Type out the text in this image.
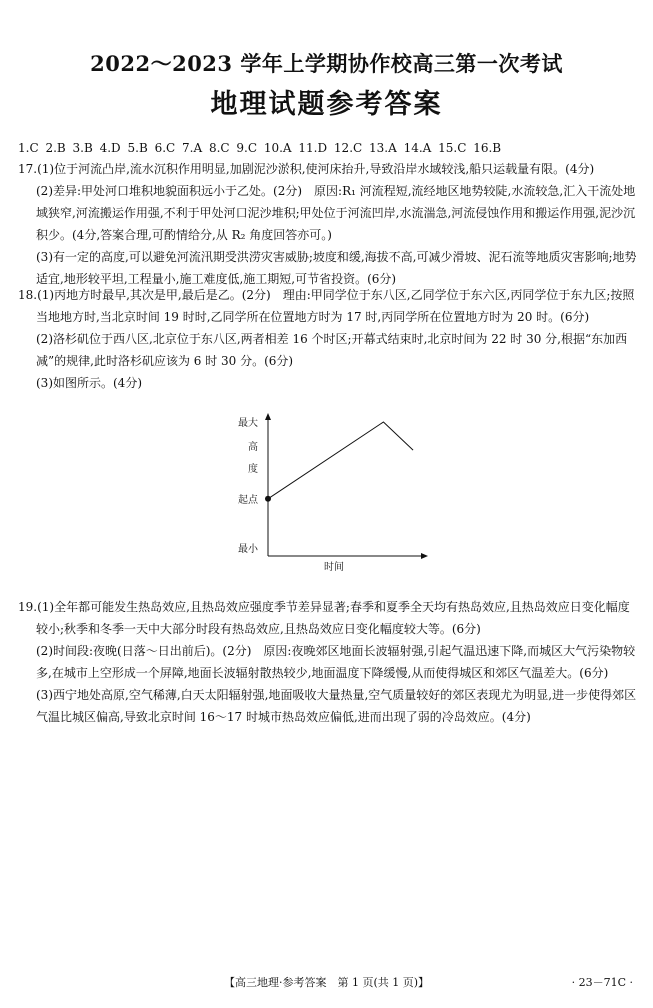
2022～2023 学年上学期协作校高三第一次考试
地理试题参考答案
1.C 2.B 3.B 4.D 5.B 6.C 7.A 8.C 9.C 10.A 11.D 12.C 13.A 14.A 15.C 16.B

17.(1)位于河流凸岸,流水沉积作用明显,加剧泥沙淤积,使河床抬升,导致沿岸水域较浅,船只运载量有限。(4分)

(2)差异:甲处河口堆积地貌面积远小于乙处。(2分)　原因:R₁ 河流程短,流经地区地势较陡,水流较急,汇入干流处地域狭窄,河流搬运作用强,不利于甲处河口泥沙堆积;甲处位于河流凹岸,水流湍急,河流侵蚀作用和搬运作用强,泥沙沉积少。(4分,答案合理,可酌情给分,从 R₂ 角度回答亦可。)

(3)有一定的高度,可以避免河流汛期受洪涝灾害威胁;坡度和缓,海拔不高,可减少滑坡、泥石流等地质灾害影响;地势适宜,地形较平坦,工程量小,施工难度低,施工期短,可节省投资。(6分)

18.(1)丙地方时最早,其次是甲,最后是乙。(2分)　理由:甲同学位于东八区,乙同学位于东六区,丙同学位于东九区;按照当地地方时,当北京时间 19 时时,乙同学所在位置地方时为 17 时,丙同学所在位置地方时为 20 时。(6分)

(2)洛杉矶位于西八区,北京位于东八区,两者相差 16 个时区;开幕式结束时,北京时间为 22 时 30 分,根据“东加西减”的规律,此时洛杉矶应该为 6 时 30 分。(6分)

(3)如图所示。(4分)

最大
起点
最小
高度
时间

19.(1)全年都可能发生热岛效应,且热岛效应强度季节差异显著;春季和夏季全天均有热岛效应,且热岛效应日变化幅度较小;秋季和冬季一天中大部分时段有热岛效应,且热岛效应日变化幅度较大等。(6分)

(2)时间段:夜晚(日落～日出前后)。(2分)　原因:夜晚郊区地面长波辐射强,引起气温迅速下降,而城区大气污染物较多,在城市上空形成一个屏障,地面长波辐射散热较少,地面温度下降缓慢,从而使得城区和郊区气温差大。(6分)

(3)西宁地处高原,空气稀薄,白天太阳辐射强,地面吸收大量热量,空气质量较好的郊区表现尤为明显,进一步使得郊区气温比城区偏高,导致北京时间 16～17 时城市热岛效应偏低,进而出现了弱的冷岛效应。(4分)

【高三地理·参考答案　第 1 页(共 1 页)】	· 23－71C ·
